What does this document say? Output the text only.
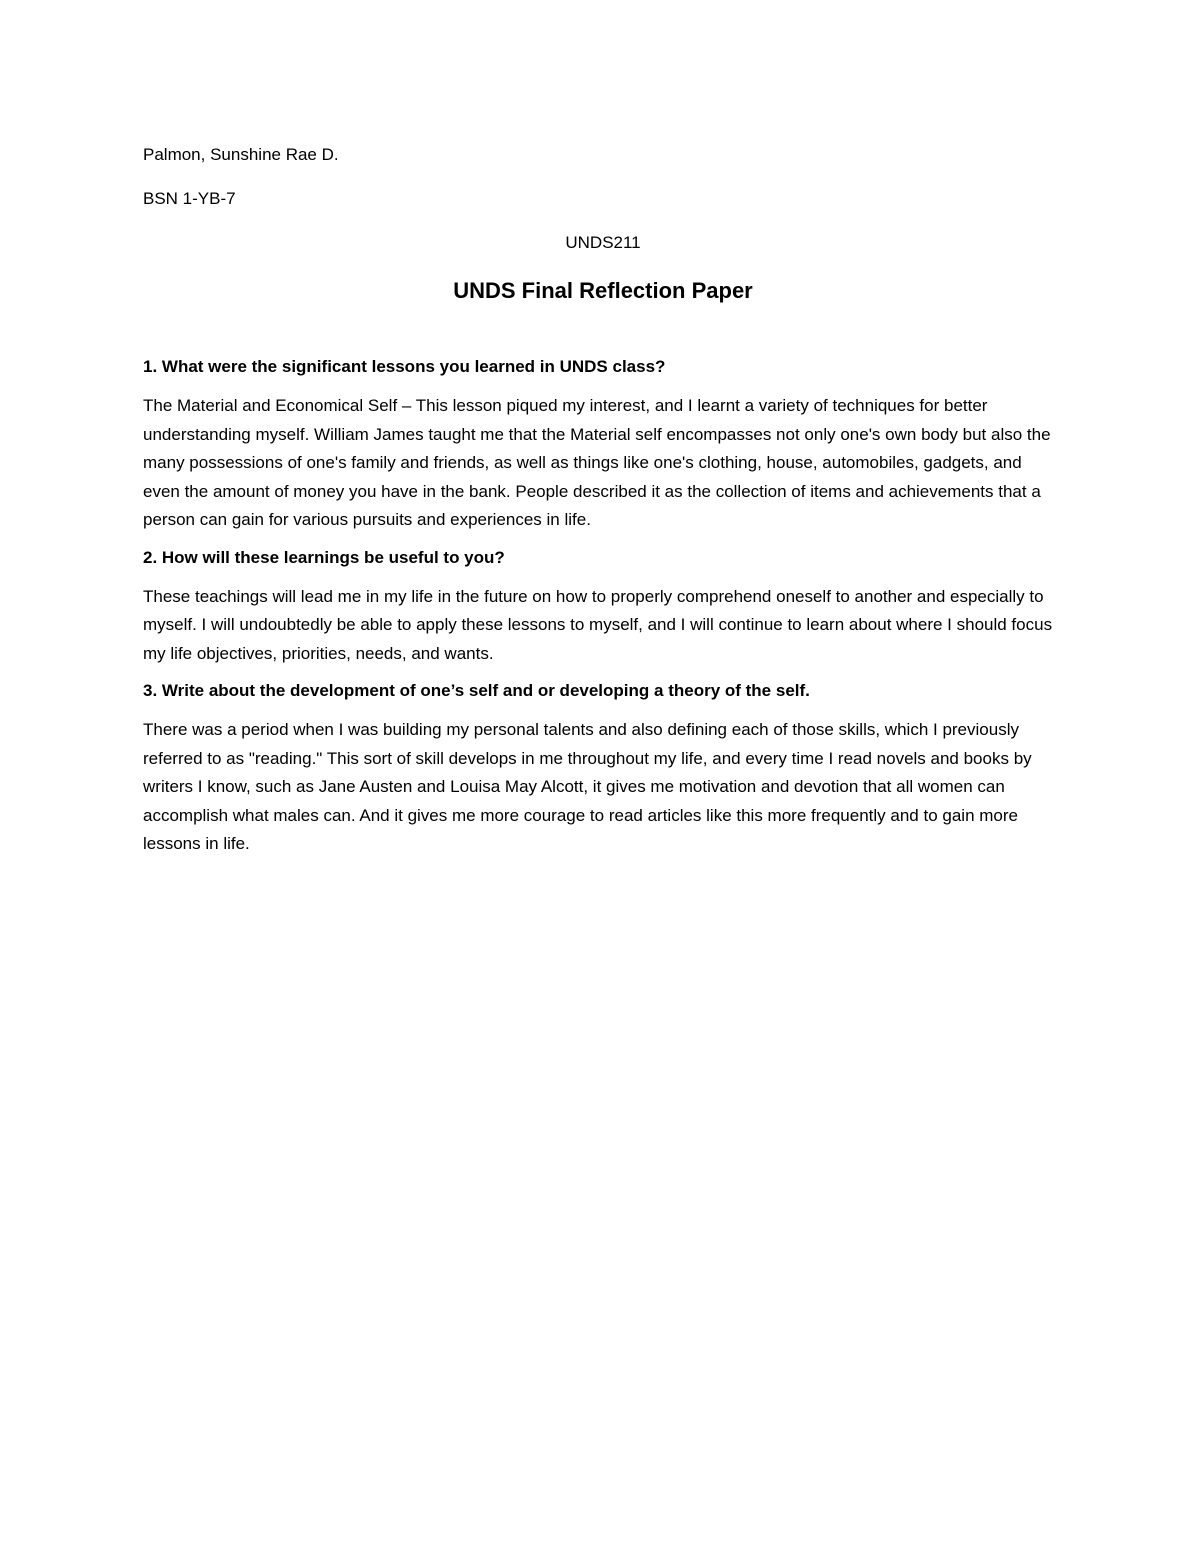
Palmon, Sunshine Rae D.

BSN 1-YB-7

UNDS211

UNDS Final Reflection Paper

1. What were the significant lessons you learned in UNDS class?

The Material and Economical Self – This lesson piqued my interest, and I learnt a variety of techniques for better understanding myself. William James taught me that the Material self encompasses not only one's own body but also the many possessions of one's family and friends, as well as things like one's clothing, house, automobiles, gadgets, and even the amount of money you have in the bank. People described it as the collection of items and achievements that a person can gain for various pursuits and experiences in life.

2. How will these learnings be useful to you?

These teachings will lead me in my life in the future on how to properly comprehend oneself to another and especially to myself. I will undoubtedly be able to apply these lessons to myself, and I will continue to learn about where I should focus my life objectives, priorities, needs, and wants.

3. Write about the development of one’s self and or developing a theory of the self.

There was a period when I was building my personal talents and also defining each of those skills, which I previously referred to as "reading." This sort of skill develops in me throughout my life, and every time I read novels and books by writers I know, such as Jane Austen and Louisa May Alcott, it gives me motivation and devotion that all women can accomplish what males can. And it gives me more courage to read articles like this more frequently and to gain more lessons in life.
